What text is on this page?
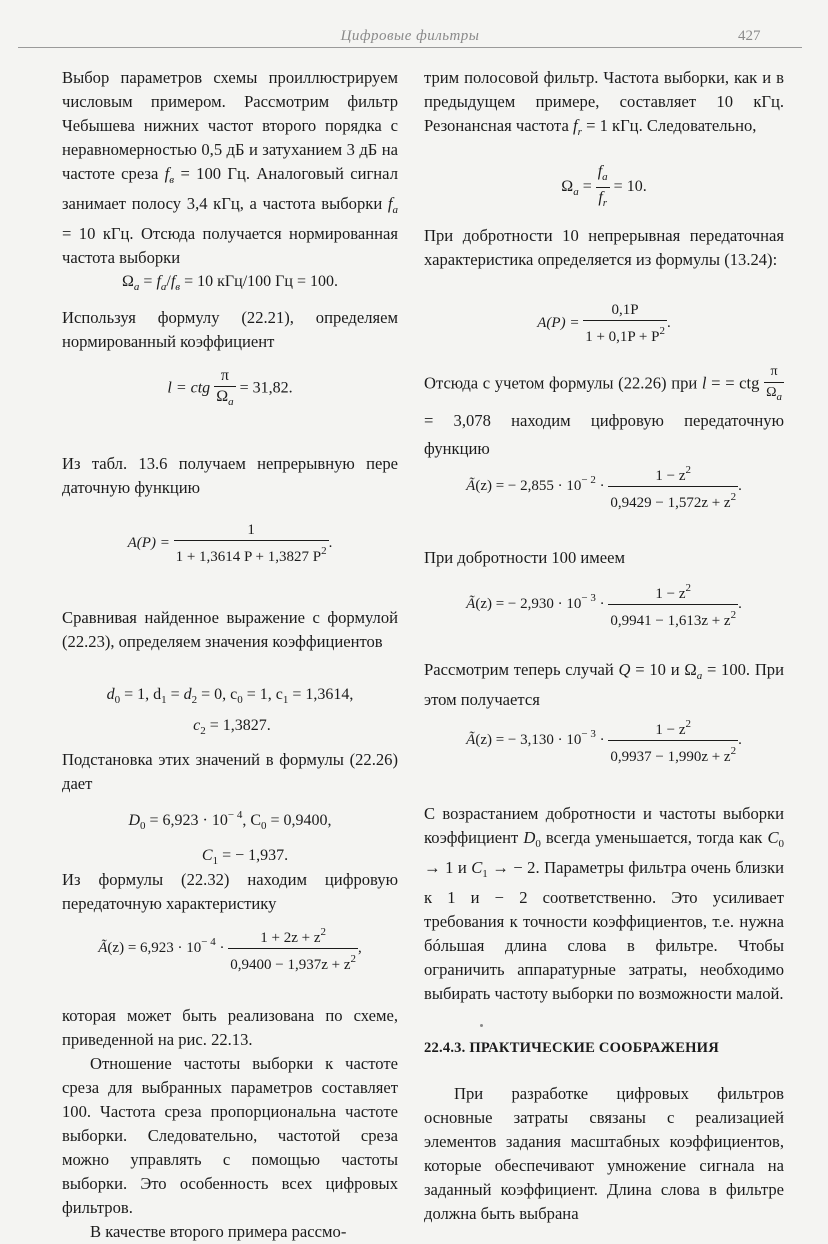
Цифровые фильтры	427

Выбор параметров схемы проиллюстрируем числовым примером. Рассмотрим фильтр Чебышева нижних частот второго порядка с неравномерностью 0,5 дБ и затуханием 3 дБ на частоте среза $f_в = 100$ Гц. Аналоговый сигнал занимает полосу 3,4 кГц, а частота выборки $f_a = 10$ кГц. Отсюда получается нормированная частота выборки

$\Omega_a = f_a/f_в = 10$ кГц/100 Гц = 100.

Используя формулу (22.21), определяем нормированный коэффициент

l = ctg $\frac{\pi}{\Omega_a} = 31,82$.

Из табл. 13.6 получаем непрерывную пере даточную функцию

$A(P) = \frac{1}{1 + 1,3614 P + 1,3827 P^2}$ .

Сравнивая найденное выражение с формулой (22.23), определяем значения коэффициентов

$d_0 = 1$, $d_1 = d_2 = 0$, $c_0 = 1$, $c_1 = 1,3614$,
$c_2 = 1,3827$.

Подстановка этих значений в формулы (22.26) дает

$D_0 = 6,923 \cdot 10^{- 4}$, $C_0 = 0,9400$,
$C_1$ = − 1,937.

Из формулы (22.32) находим цифровую передаточную характеристику

Ã(z) = $6,923 \cdot 10^{- 4} \cdot \frac{1 + 2z + z^2}{0,9400 - 1,937z + z^2}$ ,

которая может быть реализована по схеме, приведенной на рис. 22.13.

Отношение частоты выборки к частоте среза для выбранных параметров составляет 100. Частота среза пропорциональна частоте выборки. Следовательно, частотой среза можно управлять с помощью частоты выборки. Это особенность всех цифровых фильтров.

В качестве второго примера рассмо-

трим полосовой фильтр. Частота выборки, как и в предыдущем примере, составляет 10 кГц. Резонансная частота $f_r = 1$ кГц. Следовательно,

$\Omega_a = \frac{f_a}{f_r} = 10$.

При добротности 10 непрерывная передаточная характеристика определяется из формулы (13.24):

$A(P) = \frac{0,1P}{1 + 0,1P + P^2}$ .

Отсюда с учетом формулы (22.26) при l = = ctg $\frac{\pi}{\Omega_a}$
= 3,078 находим цифровую передаточную функцию

Ã(z) = − $2,855 \cdot 10^{- 2} \cdot \frac{1 - z^2}{0,9429 - 1,572z + z^2}$ .

При добротности 100 имеем

Ã(z) = − $2,930 \cdot 10^{- 3} \cdot \frac{1 - z^2}{0,9941 - 1,613z + z^2}$ .

Рассмотрим теперь случай Q = 10 и $\Omega_a = 100$. При этом получается

Ã(z) = − $3,130 \cdot 10^{- 3} \cdot \frac{1 - z^2}{0,9937 - 1,990z + z^2}$ .

С возрастанием добротности и частоты выборки коэффициент $D_0$ всегда уменьшается, тогда как $C_0 \to 1$ и $C_1$ → − 2. Параметры фильтра очень близки к 1 и − 2 соответственно. Это усиливает требования к точности коэффициентов, т.е. нужна бóльшая длина слова в фильтре. Чтобы ограничить аппаратурные затраты, необходимо выбирать частоту выборки по возможности малой.

22.4.3. ПРАКТИЧЕСКИЕ СООБРАЖЕНИЯ

При разработке цифровых фильтров основные затраты связаны с реализацией элементов задания масштабных коэффициентов, которые обеспечивают умножение сигнала на заданный коэффициент. Длина слова в фильтре должна быть выбрана
